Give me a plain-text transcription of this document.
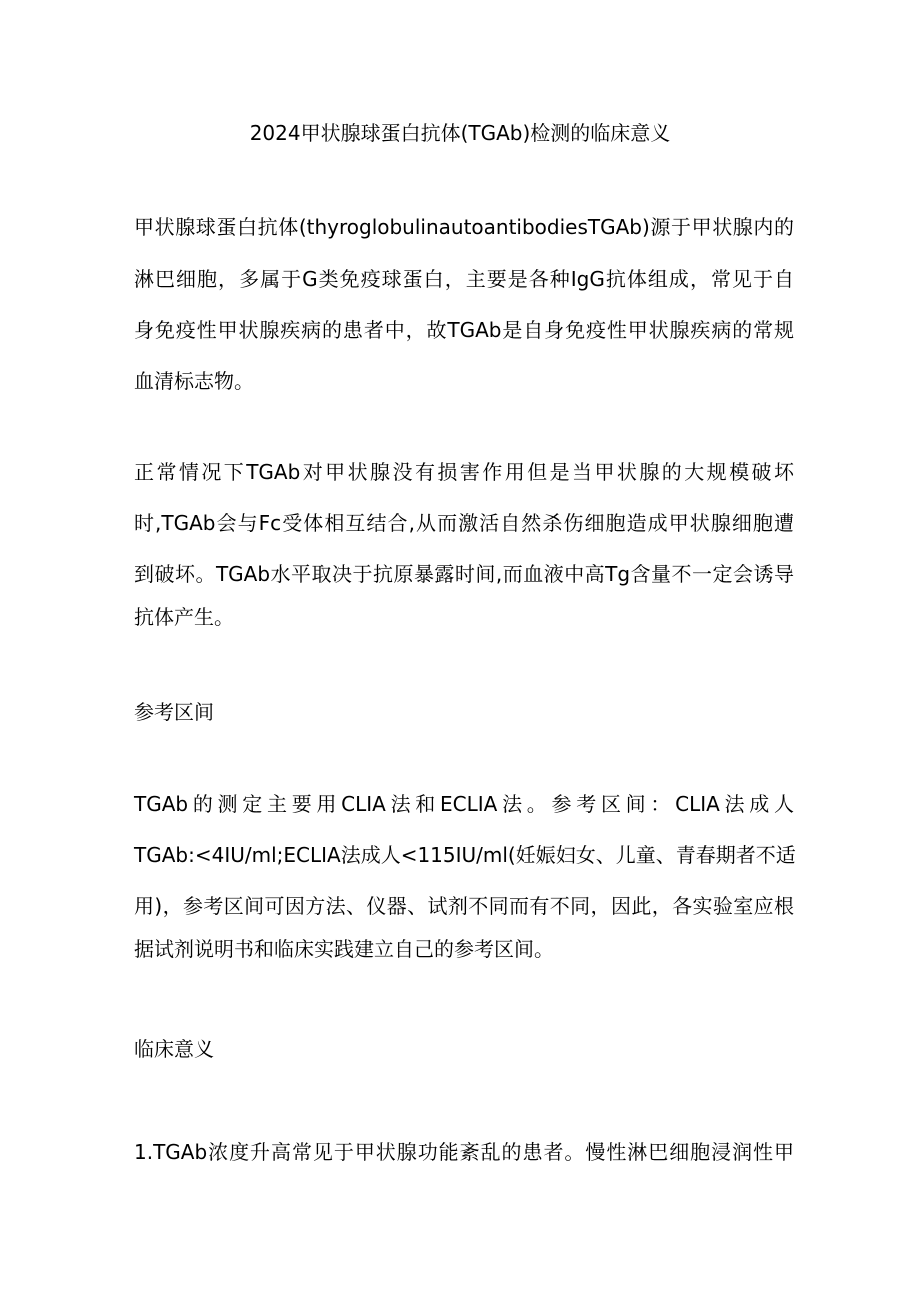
2024甲状腺球蛋白抗体(TGAb)检测的临床意义
甲状腺球蛋白抗体(thyroglobulinautoantibodiesTGAb)源于甲状腺内的
淋巴细胞，多属于G类免疫球蛋白，主要是各种IgG抗体组成，常见于自
身免疫性甲状腺疾病的患者中，故TGAb是自身免疫性甲状腺疾病的常规
血清标志物。
正常情况下TGAb对甲状腺没有损害作用但是当甲状腺的大规模破坏
时,TGAb会与Fc受体相互结合,从而激活自然杀伤细胞造成甲状腺细胞遭
到破坏。TGAb水平取决于抗原暴露时间,而血液中高Tg含量不一定会诱导
抗体产生。
参考区间
TGAb的测定主要用CLIA法和ECLIA法。参考区间：CLIA法成人
TGAb:<4IU/ml;ECLIA法成人<115IU/ml(妊娠妇女、儿童、青春期者不适
用)，参考区间可因方法、仪器、试剂不同而有不同，因此，各实验室应根
据试剂说明书和临床实践建立自己的参考区间。
临床意义
1.TGAb浓度升高常见于甲状腺功能紊乱的患者。慢性淋巴细胞浸润性甲
